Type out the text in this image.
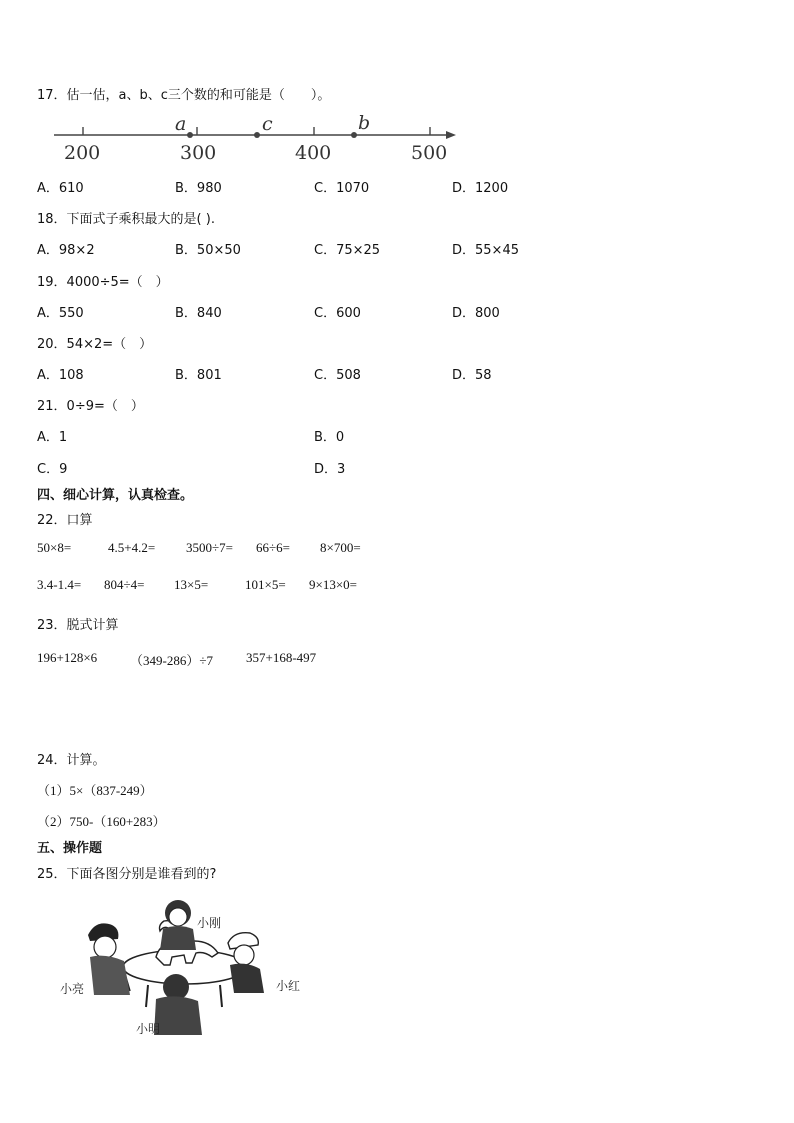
17．估一估，a、b、c三个数的和可能是（　　）。
200	300	400	500
a	c	b
A．610	B．980	C．1070	D．1200
18．下面式子乘积最大的是( ).
A．98×2	B．50×50	C．75×25	D．55×45
19．4000÷5=（　）
A．550	B．840	C．600	D．800
20．54×2=（　）
A．108	B．801	C．508	D．58
21．0÷9=（　）
A．1	B．0
C．9	D．3
四、细心计算，认真检查。
22．口算
50×8=	4.5+4.2= 3500÷7= 66÷6= 8×700=
3.4-1.4= 804÷4= 13×5=	101×5= 9×13×0=
23．脱式计算
196+128×6	（349-286）÷7	357+168-497
24．计算。
（1）5×（837-249）
（2）750-（160+283）
五、操作题
25．下面各图分别是谁看到的?
小刚
小亮	小红
小明
